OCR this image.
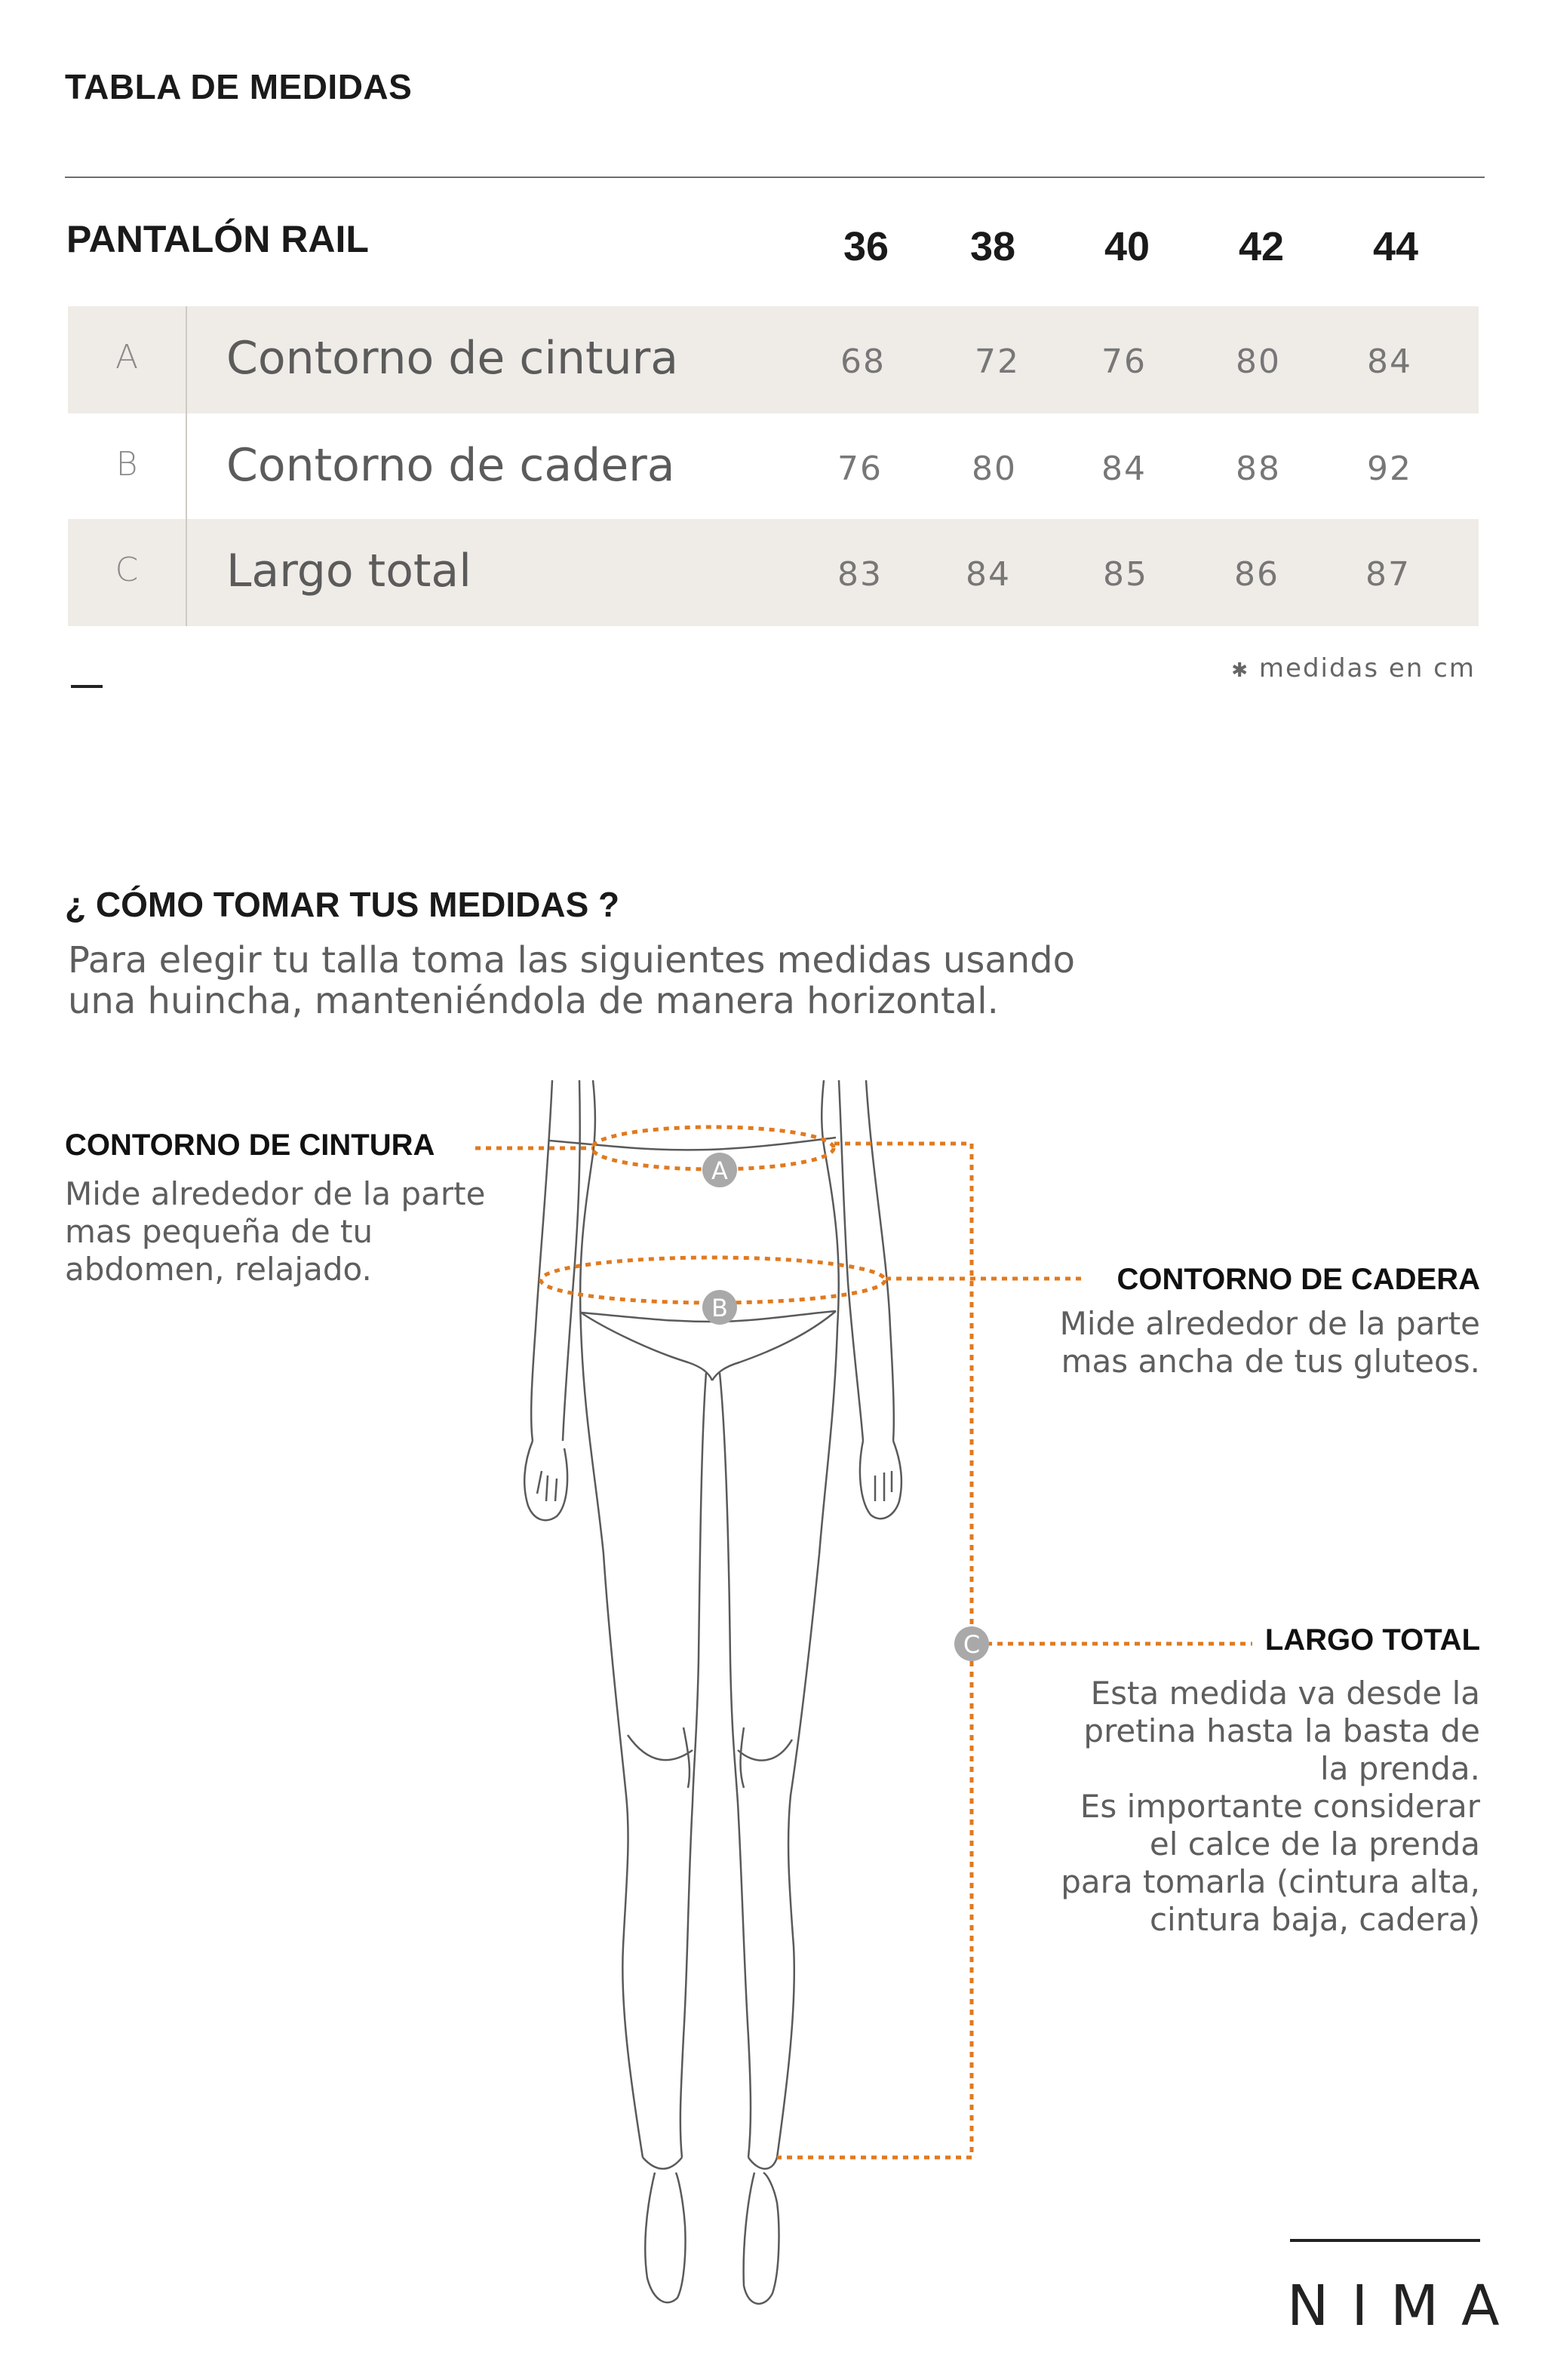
TABLA DE MEDIDAS
PANTALÓN RAIL	36	38	40	42	44
A	Contorno de cintura	68	72	76	80	84
B	Contorno de cadera	76	80	84	88	92
C	Largo total	83	84	85	86	87
✱ medidas en cm
¿ CÓMO TOMAR TUS MEDIDAS ?
Para elegir tu talla toma las siguientes medidas usando
una huincha, manteniéndola de manera horizontal.
A
B
C
CONTORNO DE CINTURA
Mide alrededor de la parte
mas pequeña de tu
abdomen, relajado.	CONTORNO DE CADERA
Mide alrededor de la parte
mas ancha de tus gluteos.
LARGO TOTAL
Esta medida va desde la
pretina hasta la basta de
la prenda.
Es importante considerar
el calce de la prenda
para tomarla (cintura alta,
cintura baja, cadera)
NIMA
